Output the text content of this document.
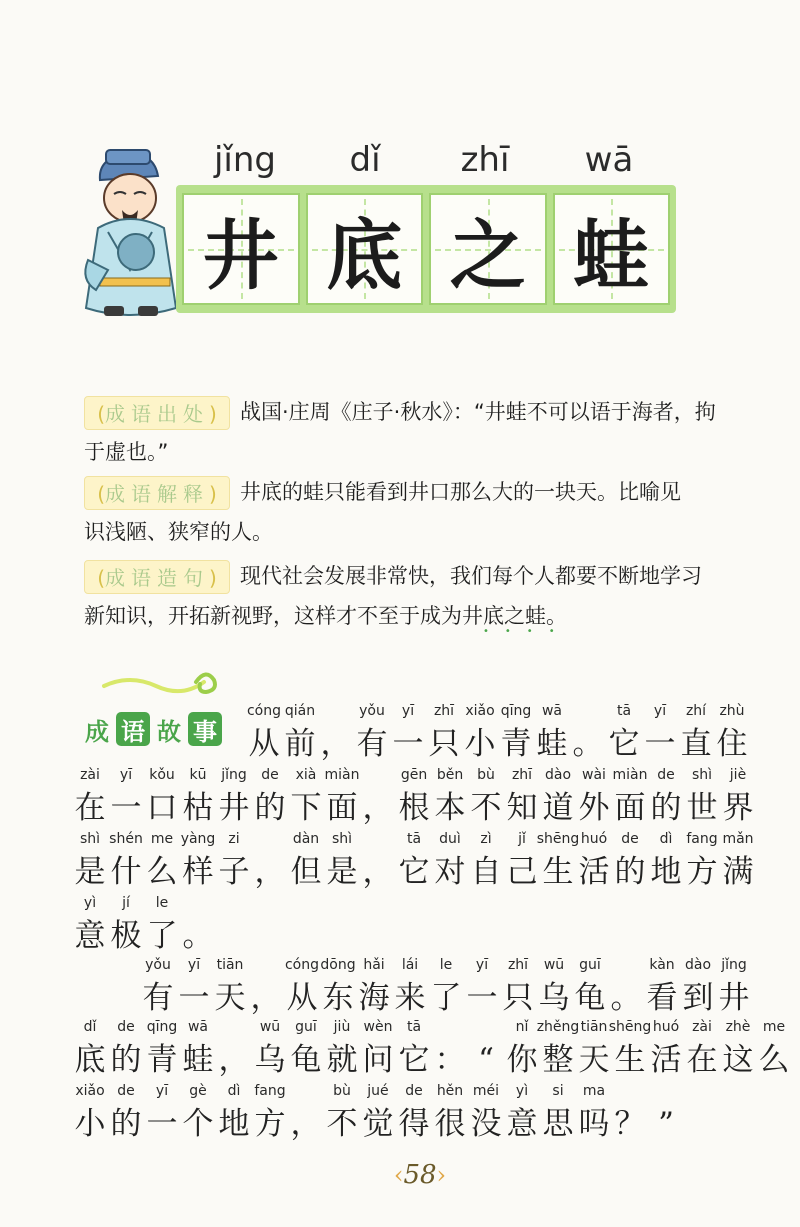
jǐng	dǐ	zhī	wā
井 底 之 蛙
(成语出处) 战国·庄周《庄子·秋水》：“井蛙不可以语于海者，拘
于虚也。”
(成语解释) 井底的蛙只能看到井口那么大的一块天。比喻见
识浅陋、狭窄的人。
(成语造句) 现代社会发展非常快，我们每个人都要不断地学习
新知识，开拓新视野，这样才不至于成为井底之蛙。
••••
成 语 故 事
cóng
从
qián
前 ，
yǒu
有
yī
一
zhī
只
xiǎo
小
qīng
青
wā
蛙 。
tā
它
yī
一
zhí
直
zhù
住
zài
在
yī
一
kǒu
口
kū
枯
jǐng
井
de
的
xià
下
miàn
面 ，
gēn
根
běn
本
bù
不
zhī
知
dào
道
wài
外
miàn
面
de
的
shì
世
jiè
界
shì
是
shén
什
me
么
yàng
样
zi
子 ，
dàn
但
shì
是 ，
tā
它
duì
对
zì
自
jǐ
己
shēng
生
huó
活
de
的
dì
地
fang
方
mǎn
满
yì
意
jí
极
le
了 。
yǒu
有
yī
一
tiān
天 ，
cóng
从
dōng
东
hǎi
海
lái
来
le
了
yī
一
zhī
只
wū
乌
guī
龟 。
kàn
看
dào
到
jǐng
井
dǐ
底
de
的
qīng
青
wā
蛙 ，
wū
乌
guī
龟
jiù
就
wèn
问
tā
它 ： “
nǐ
你
zhěng
整
tiān
天
shēng
生
huó
活
zài
在
zhè
这
me
么
xiǎo
小
de
的
yī
一
gè
个
dì
地
fang
方 ，
bù
不
jué
觉
de
得
hěn
很
méi
没
yì
意
si
思
ma
吗 ？ ”
‹58›
